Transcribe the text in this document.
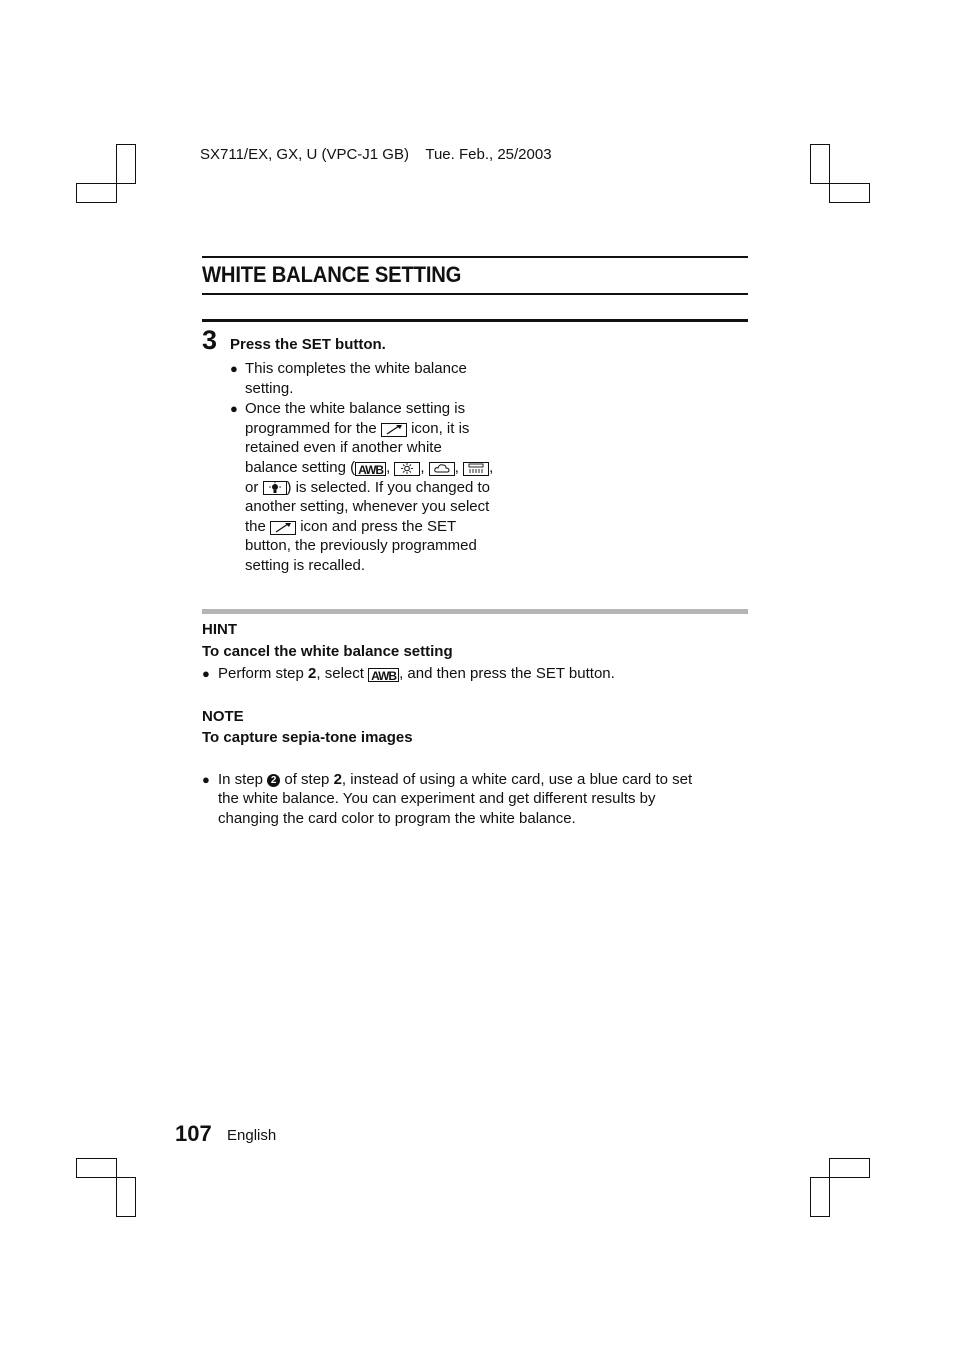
SX711/EX, GX, U (VPC-J1 GB) Tue. Feb., 25/2003
WHITE BALANCE SETTING
3 Press the SET button.
● This completes the white balance
setting.
● Once the white balance setting is
programmed for the icon, it is
retained even if another white
balance setting ( AWB , , , ,
or ) is selected. If you changed to
another setting, whenever you select
the icon and press the SET
button, the previously programmed
setting is recalled.
HINT
To cancel the white balance setting
● Perform step 2, select AWB , and then press the SET button.
NOTE
To capture sepia-tone images
● In step 2 of step 2, instead of using a white card, use a blue card to set
the white balance. You can experiment and get different results by
changing the card color to program the white balance.
107 English
